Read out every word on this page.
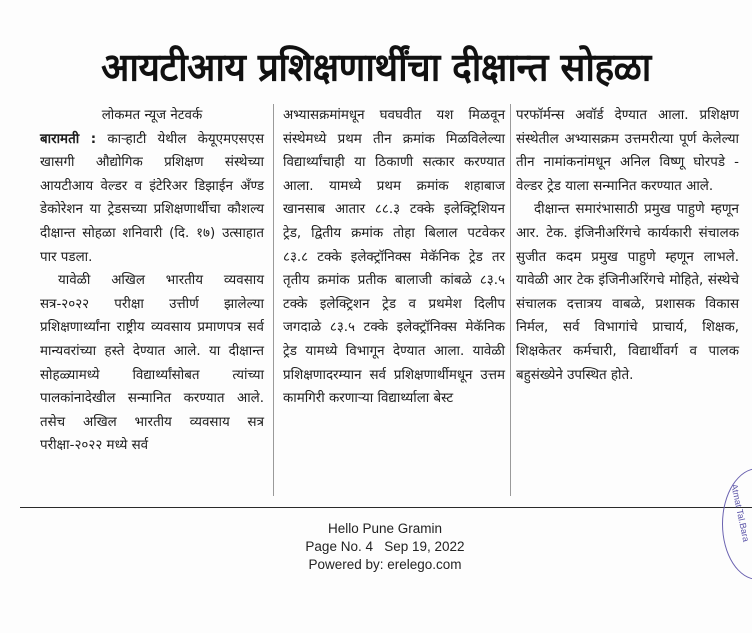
आयटीआय प्रशिक्षणार्थींचा दीक्षान्त सोहळा
लोकमत न्यूज नेटवर्क

बारामती : काऱ्हाटी येथील केयूएमएसएस खासगी औद्योगिक प्रशिक्षण संस्थेच्या आयटीआय वेल्डर व इंटेरिअर डिझाईन अँण्ड डेकोरेशन या ट्रेडसच्या प्रशिक्षणार्थीचा कौशल्य दीक्षान्त सोहळा शनिवारी (दि. १७) उत्साहात पार पडला.

यावेळी अखिल भारतीय व्यवसाय सत्र-२०२२ परीक्षा उत्तीर्ण झालेल्या प्रशिक्षणार्थ्यांना राष्ट्रीय व्यवसाय प्रमाणपत्र सर्व मान्यवरांच्या हस्ते देण्यात आले. या दीक्षान्त सोहळ्यामध्ये विद्यार्थ्यांसोबत त्यांच्या पालकांनादेखील सन्मानित करण्यात आले. तसेच अखिल भारतीय व्यवसाय सत्र परीक्षा-२०२२ मध्ये सर्व

अभ्यासक्रमांमधून घवघवीत यश मिळवून संस्थेमध्ये प्रथम तीन क्रमांक मिळविलेल्या विद्यार्थ्यांचाही या ठिकाणी सत्कार करण्यात आला. यामध्ये प्रथम क्रमांक शहाबाज खानसाब आतार ८८.३ टक्के इलेक्ट्रिशियन ट्रेड, द्वितीय क्रमांक तोहा बिलाल पटवेकर ८३.८ टक्के इलेक्ट्रॉनिक्स मेकॅनिक ट्रेड तर तृतीय क्रमांक प्रतीक बालाजी कांबळे ८३.५ टक्के इलेक्ट्रिशन ट्रेड व प्रथमेश दिलीप जगदाळे ८३.५ टक्के इलेक्ट्रॉनिक्स मेकॅनिक ट्रेड यामध्ये विभागून देण्यात आला. यावेळी प्रशिक्षणादरम्यान सर्व प्रशिक्षणार्थीमधून उत्तम कामगिरी करणाऱ्या विद्यार्थ्याला बेस्ट

परफॉर्मन्स अवॉर्ड देण्यात आला. प्रशिक्षण संस्थेतील अभ्यासक्रम उत्तमरीत्या पूर्ण केलेल्या तीन नामांकनांमधून अनिल विष्णू घोरपडे - वेल्डर ट्रेड याला सन्मानित करण्यात आले.

दीक्षान्त समारंभासाठी प्रमुख पाहुणे म्हणून आर. टेक. इंजिनीअरिंगचे कार्यकारी संचालक सुजीत कदम प्रमुख पाहुणे म्हणून लाभले. यावेळी आर टेक इंजिनीअरिंगचे मोहिते, संस्थेचे संचालक दत्तात्रय वाबळे, प्रशासक विकास निर्मल, सर्व विभागांचे प्राचार्य, शिक्षक, शिक्षकेतर कर्मचारी, विद्यार्थीवर्ग व पालक बहुसंख्येने उपस्थित होते.

Hello Pune Gramin
Page No. 4 Sep 19, 2022
Powered by: erelego.com
Atmat Tal.Bara
